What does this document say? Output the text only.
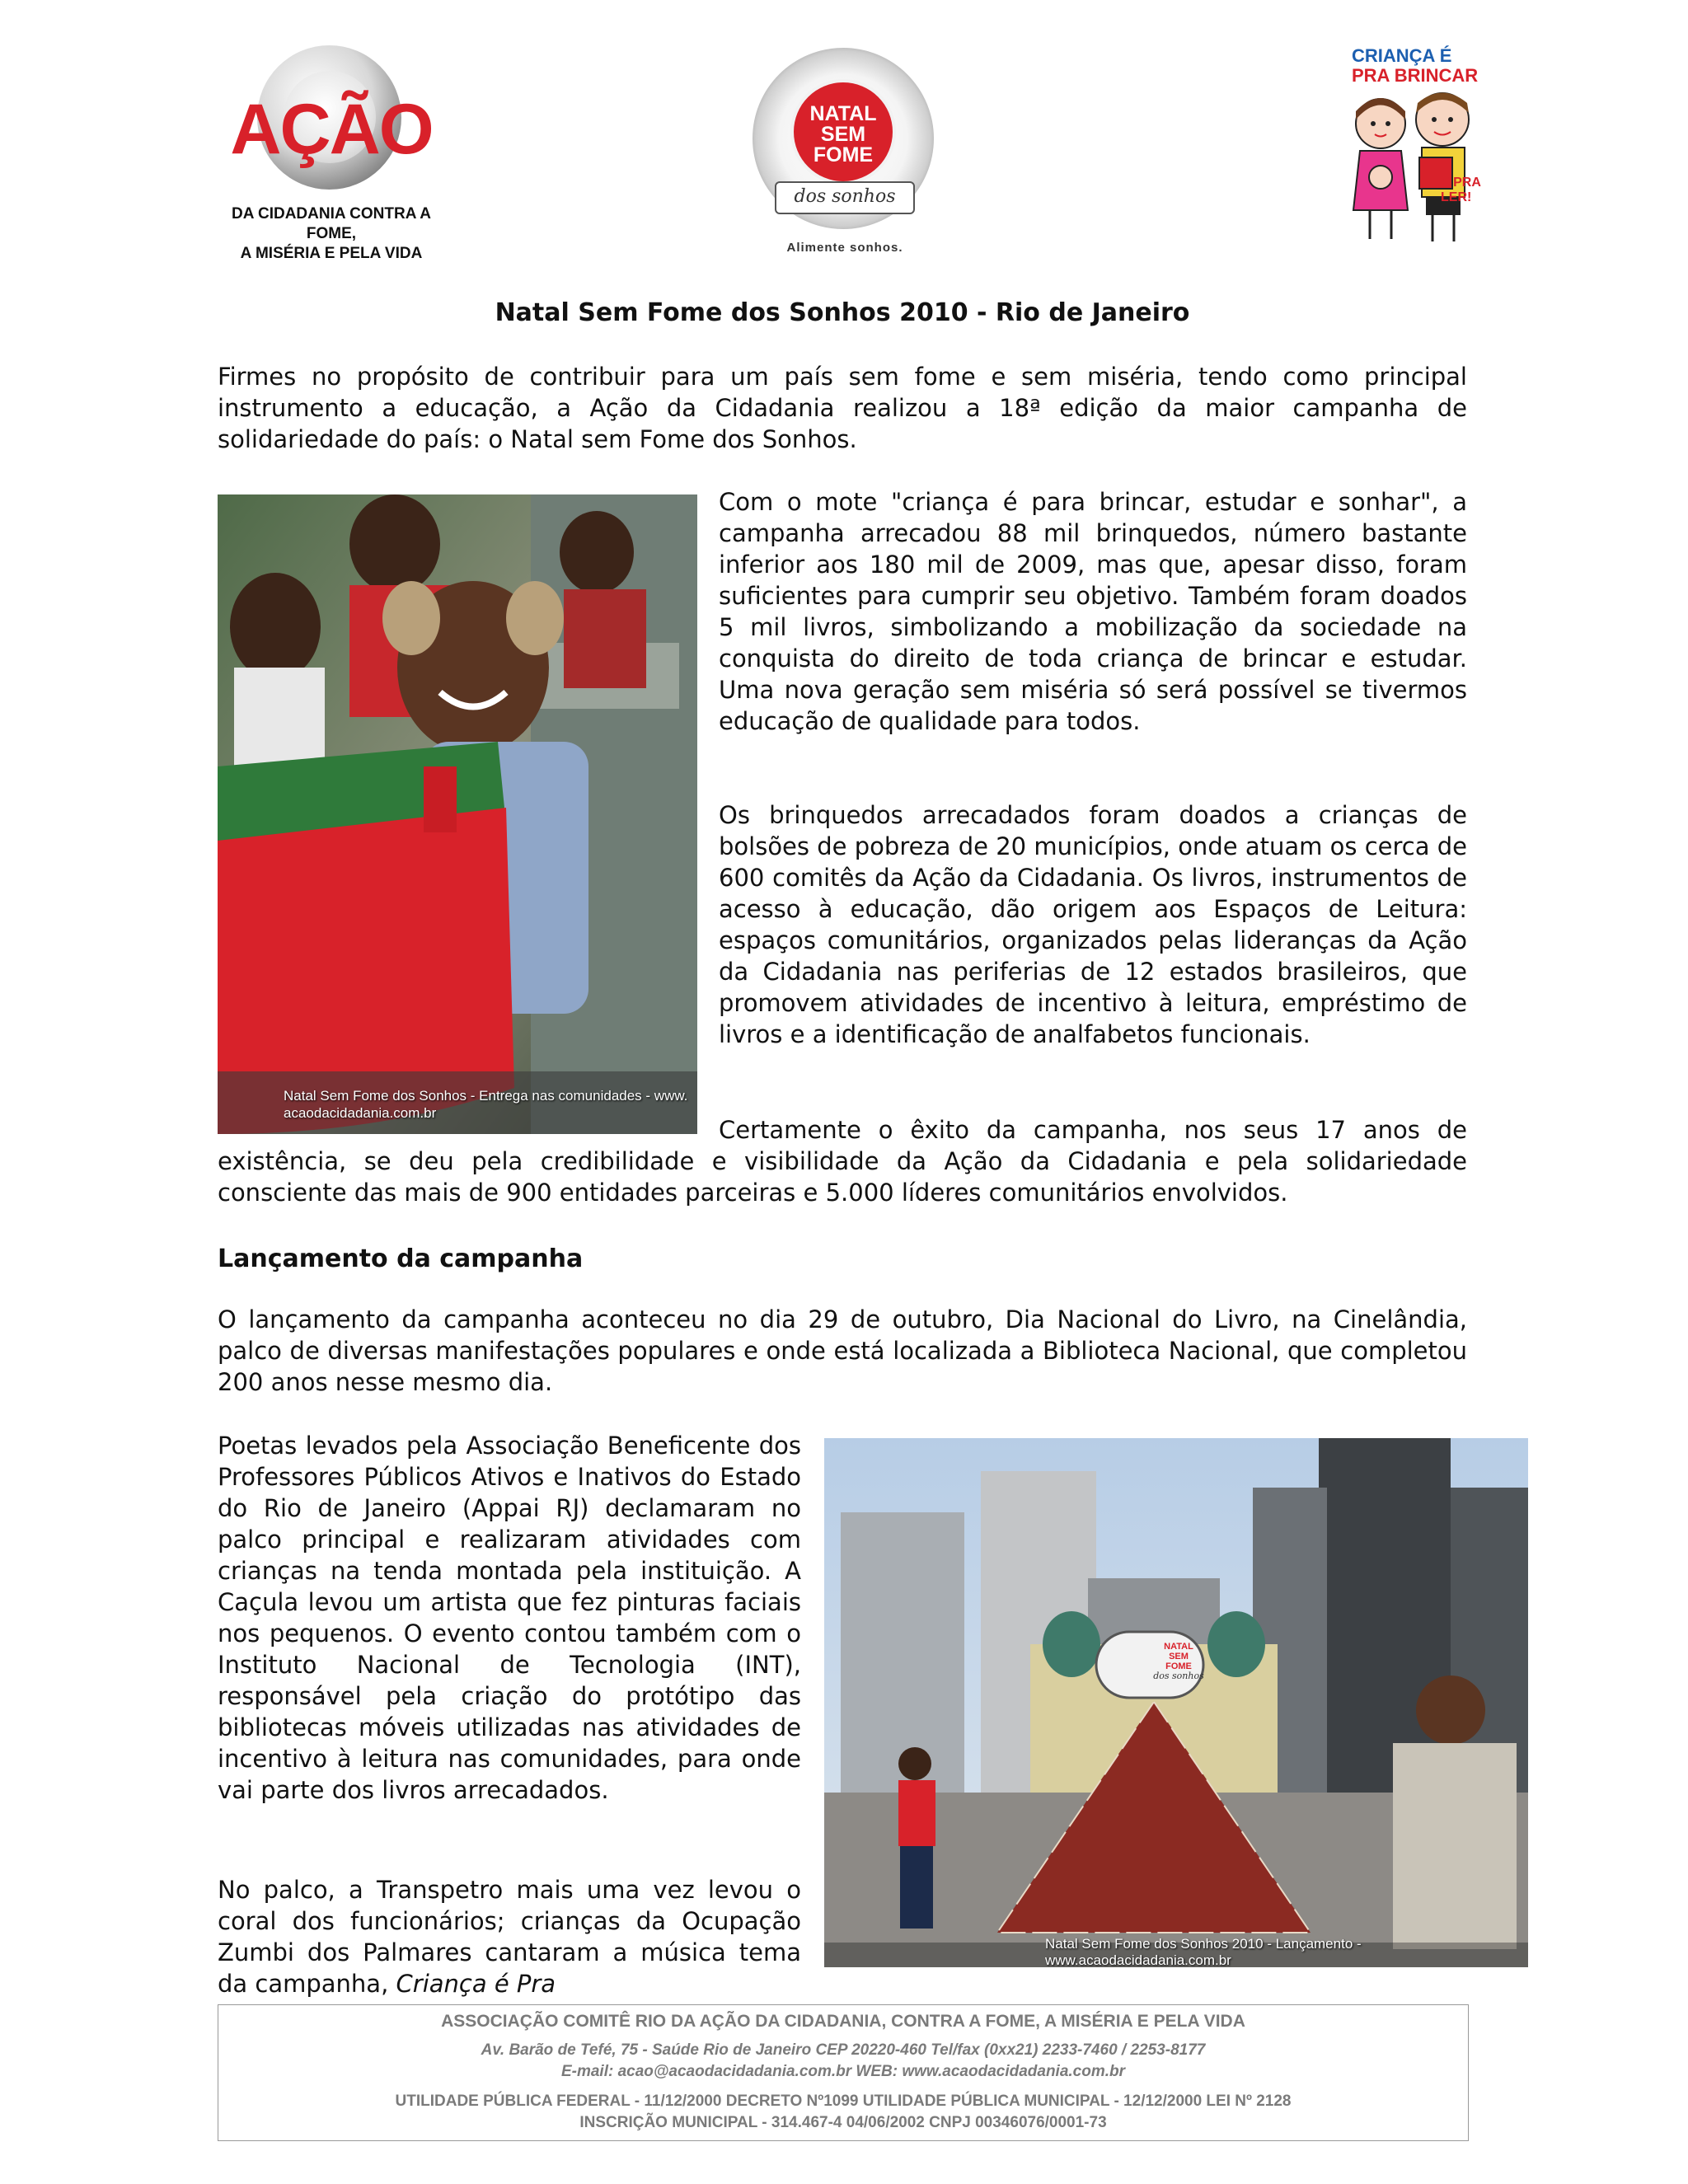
AÇÃO
DA CIDADANIA CONTRA A FOME,
A MISÉRIA E PELA VIDA
NATAL
SEM
FOME
dos sonhos
Alimente sonhos.
CRIANÇA É
PRA BRINCAR
E PRA LER!
Natal Sem Fome dos Sonhos 2010 - Rio de Janeiro
Firmes no propósito de contribuir para um país sem fome e sem miséria, tendo como principal instrumento a educação, a Ação da Cidadania realizou a 18ª edição da maior campanha de solidariedade do país: o Natal sem Fome dos Sonhos.
Natal Sem Fome dos Sonhos - Entrega nas comunidades - www.
acaodacidadania.com.br
Com o mote "criança é para brincar, estudar e sonhar", a campanha arrecadou 88 mil brinquedos, número bastante inferior aos 180 mil de 2009, mas que, apesar disso, foram suficientes para cumprir seu objetivo. Também foram doados 5 mil livros, simbolizando a mobilização da sociedade na conquista do direito de toda criança de brincar e estudar. Uma nova geração sem miséria só será possível se tivermos educação de qualidade para todos.
Os brinquedos arrecadados foram doados a crianças de bolsões de pobreza de 20 municípios, onde atuam os cerca de 600 comitês da Ação da Cidadania. Os livros, instrumentos de acesso à educação, dão origem aos Espaços de Leitura: espaços comunitários, organizados pelas lideranças da Ação da Cidadania nas periferias de 12 estados brasileiros, que promovem atividades de incentivo à leitura, empréstimo de livros e a identificação de analfabetos funcionais.
Certamente o êxito da campanha, nos seus 17 anos de existência, se deu pela credibilidade e visibilidade da Ação da Cidadania e pela solidariedade consciente das mais de 900 entidades parceiras e 5.000 líderes comunitários envolvidos.
Lançamento da campanha
O lançamento da campanha aconteceu no dia 29 de outubro, Dia Nacional do Livro, na Cinelândia, palco de diversas manifestações populares e onde está localizada a Biblioteca Nacional, que completou 200 anos nesse mesmo dia.
Poetas levados pela Associação Beneficente dos Professores Públicos Ativos e Inativos do Estado do Rio de Janeiro (Appai RJ) declamaram no palco principal e realizaram atividades com crianças na tenda montada pela instituição. A Caçula levou um artista que fez pinturas faciais nos pequenos. O evento contou também com o Instituto Nacional de Tecnologia (INT), responsável pela criação do protótipo das bibliotecas móveis utilizadas nas atividades de incentivo à leitura nas comunidades, para onde vai parte dos livros arrecadados.
No palco, a Transpetro mais uma vez levou o coral dos funcionários; crianças da Ocupação Zumbi dos Palmares cantaram a música tema da campanha, Criança é Pra
NATAL
SEM
FOME
dos sonhos
Natal Sem Fome dos Sonhos 2010 - Lançamento - www.acaodacidadania.com.br
ASSOCIAÇÃO COMITÊ RIO DA AÇÃO DA CIDADANIA, CONTRA A FOME, A MISÉRIA E PELA VIDA
Av. Barão de Tefé, 75 - Saúde Rio de Janeiro CEP 20220-460 Tel/fax (0xx21) 2233-7460 / 2253-8177
E-mail: acao@acaodacidadania.com.br WEB: www.acaodacidadania.com.br
UTILIDADE PÚBLICA FEDERAL - 11/12/2000 DECRETO Nº1099 UTILIDADE PÚBLICA MUNICIPAL - 12/12/2000 LEI Nº 2128
INSCRIÇÃO MUNICIPAL - 314.467-4 04/06/2002 CNPJ 00346076/0001-73
